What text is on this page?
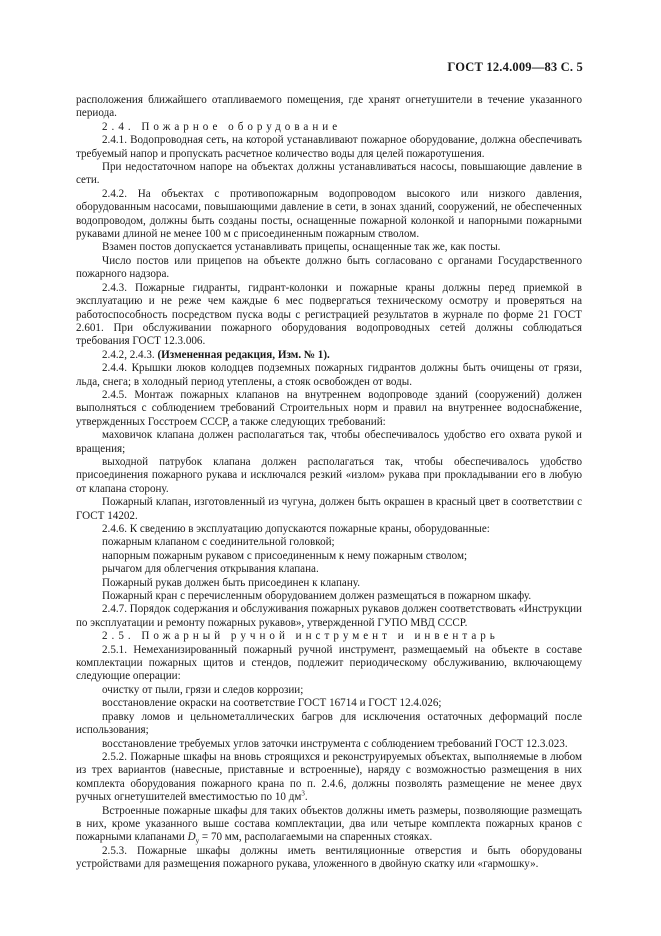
ГОСТ 12.4.009—83 С. 5

расположения ближайшего отапливаемого помещения, где хранят огнетушители в течение указанного периода.

2.4. Пожарное оборудование

2.4.1. Водопроводная сеть, на которой устанавливают пожарное оборудование, должна обеспечивать требуемый напор и пропускать расчетное количество воды для целей пожаротушения.

При недостаточном напоре на объектах должны устанавливаться насосы, повышающие давление в сети.

2.4.2. На объектах с противопожарным водопроводом высокого или низкого давления, оборудованным насосами, повышающими давление в сети, в зонах зданий, сооружений, не обеспеченных водопроводом, должны быть созданы посты, оснащенные пожарной колонкой и напорными пожарными рукавами длиной не менее 100 м с присоединенным пожарным стволом.

Взамен постов допускается устанавливать прицепы, оснащенные так же, как посты.

Число постов или прицепов на объекте должно быть согласовано с органами Государственного пожарного надзора.

2.4.3. Пожарные гидранты, гидрант-колонки и пожарные краны должны перед приемкой в эксплуатацию и не реже чем каждые 6 мес подвергаться техническому осмотру и проверяться на работоспособность посредством пуска воды с регистрацией результатов в журнале по форме 21 ГОСТ 2.601. При обслуживании пожарного оборудования водопроводных сетей должны соблюдаться требования ГОСТ 12.3.006.

2.4.2, 2.4.3. (Измененная редакция, Изм. № 1).

2.4.4. Крышки люков колодцев подземных пожарных гидрантов должны быть очищены от грязи, льда, снега; в холодный период утеплены, а стояк освобожден от воды.

2.4.5. Монтаж пожарных клапанов на внутреннем водопроводе зданий (сооружений) должен выполняться с соблюдением требований Строительных норм и правил на внутреннее водоснабжение, утвержденных Госстроем СССР, а также следующих требований:

маховичок клапана должен располагаться так, чтобы обеспечивалось удобство его охвата рукой и вращения;

выходной патрубок клапана должен располагаться так, чтобы обеспечивалось удобство присоединения пожарного рукава и исключался резкий «излом» рукава при прокладывании его в любую от клапана сторону.

Пожарный клапан, изготовленный из чугуна, должен быть окрашен в красный цвет в соответствии с ГОСТ 14202.

2.4.6. К сведению в эксплуатацию допускаются пожарные краны, оборудованные:

пожарным клапаном с соединительной головкой;

напорным пожарным рукавом с присоединенным к нему пожарным стволом;

рычагом для облегчения открывания клапана.

Пожарный рукав должен быть присоединен к клапану.

Пожарный кран с перечисленным оборудованием должен размещаться в пожарном шкафу.

2.4.7. Порядок содержания и обслуживания пожарных рукавов должен соответствовать «Инструкции по эксплуатации и ремонту пожарных рукавов», утвержденной ГУПО МВД СССР.

2.5. Пожарный ручной инструмент и инвентарь

2.5.1. Немеханизированный пожарный ручной инструмент, размещаемый на объекте в составе комплектации пожарных щитов и стендов, подлежит периодическому обслуживанию, включающему следующие операции:

очистку от пыли, грязи и следов коррозии;

восстановление окраски на соответствие ГОСТ 16714 и ГОСТ 12.4.026;

правку ломов и цельнометаллических багров для исключения остаточных деформаций после использования;

восстановление требуемых углов заточки инструмента с соблюдением требований ГОСТ 12.3.023.

2.5.2. Пожарные шкафы на вновь строящихся и реконструируемых объектах, выполняемые в любом из трех вариантов (навесные, приставные и встроенные), наряду с возможностью размещения в них комплекта оборудования пожарного крана по п. 2.4.6, должны позволять размещение не менее двух ручных огнетушителей вместимостью по 10 $дм^3$.

Встроенные пожарные шкафы для таких объектов должны иметь размеры, позволяющие размещать в них, кроме указанного выше состава комплектации, два или четыре комплекта пожарных кранов с пожарными клапанами $D_y = 70$ мм, располагаемыми на спаренных стояках.

2.5.3. Пожарные шкафы должны иметь вентиляционные отверстия и быть оборудованы устройствами для размещения пожарного рукава, уложенного в двойную скатку или «гармошку».
